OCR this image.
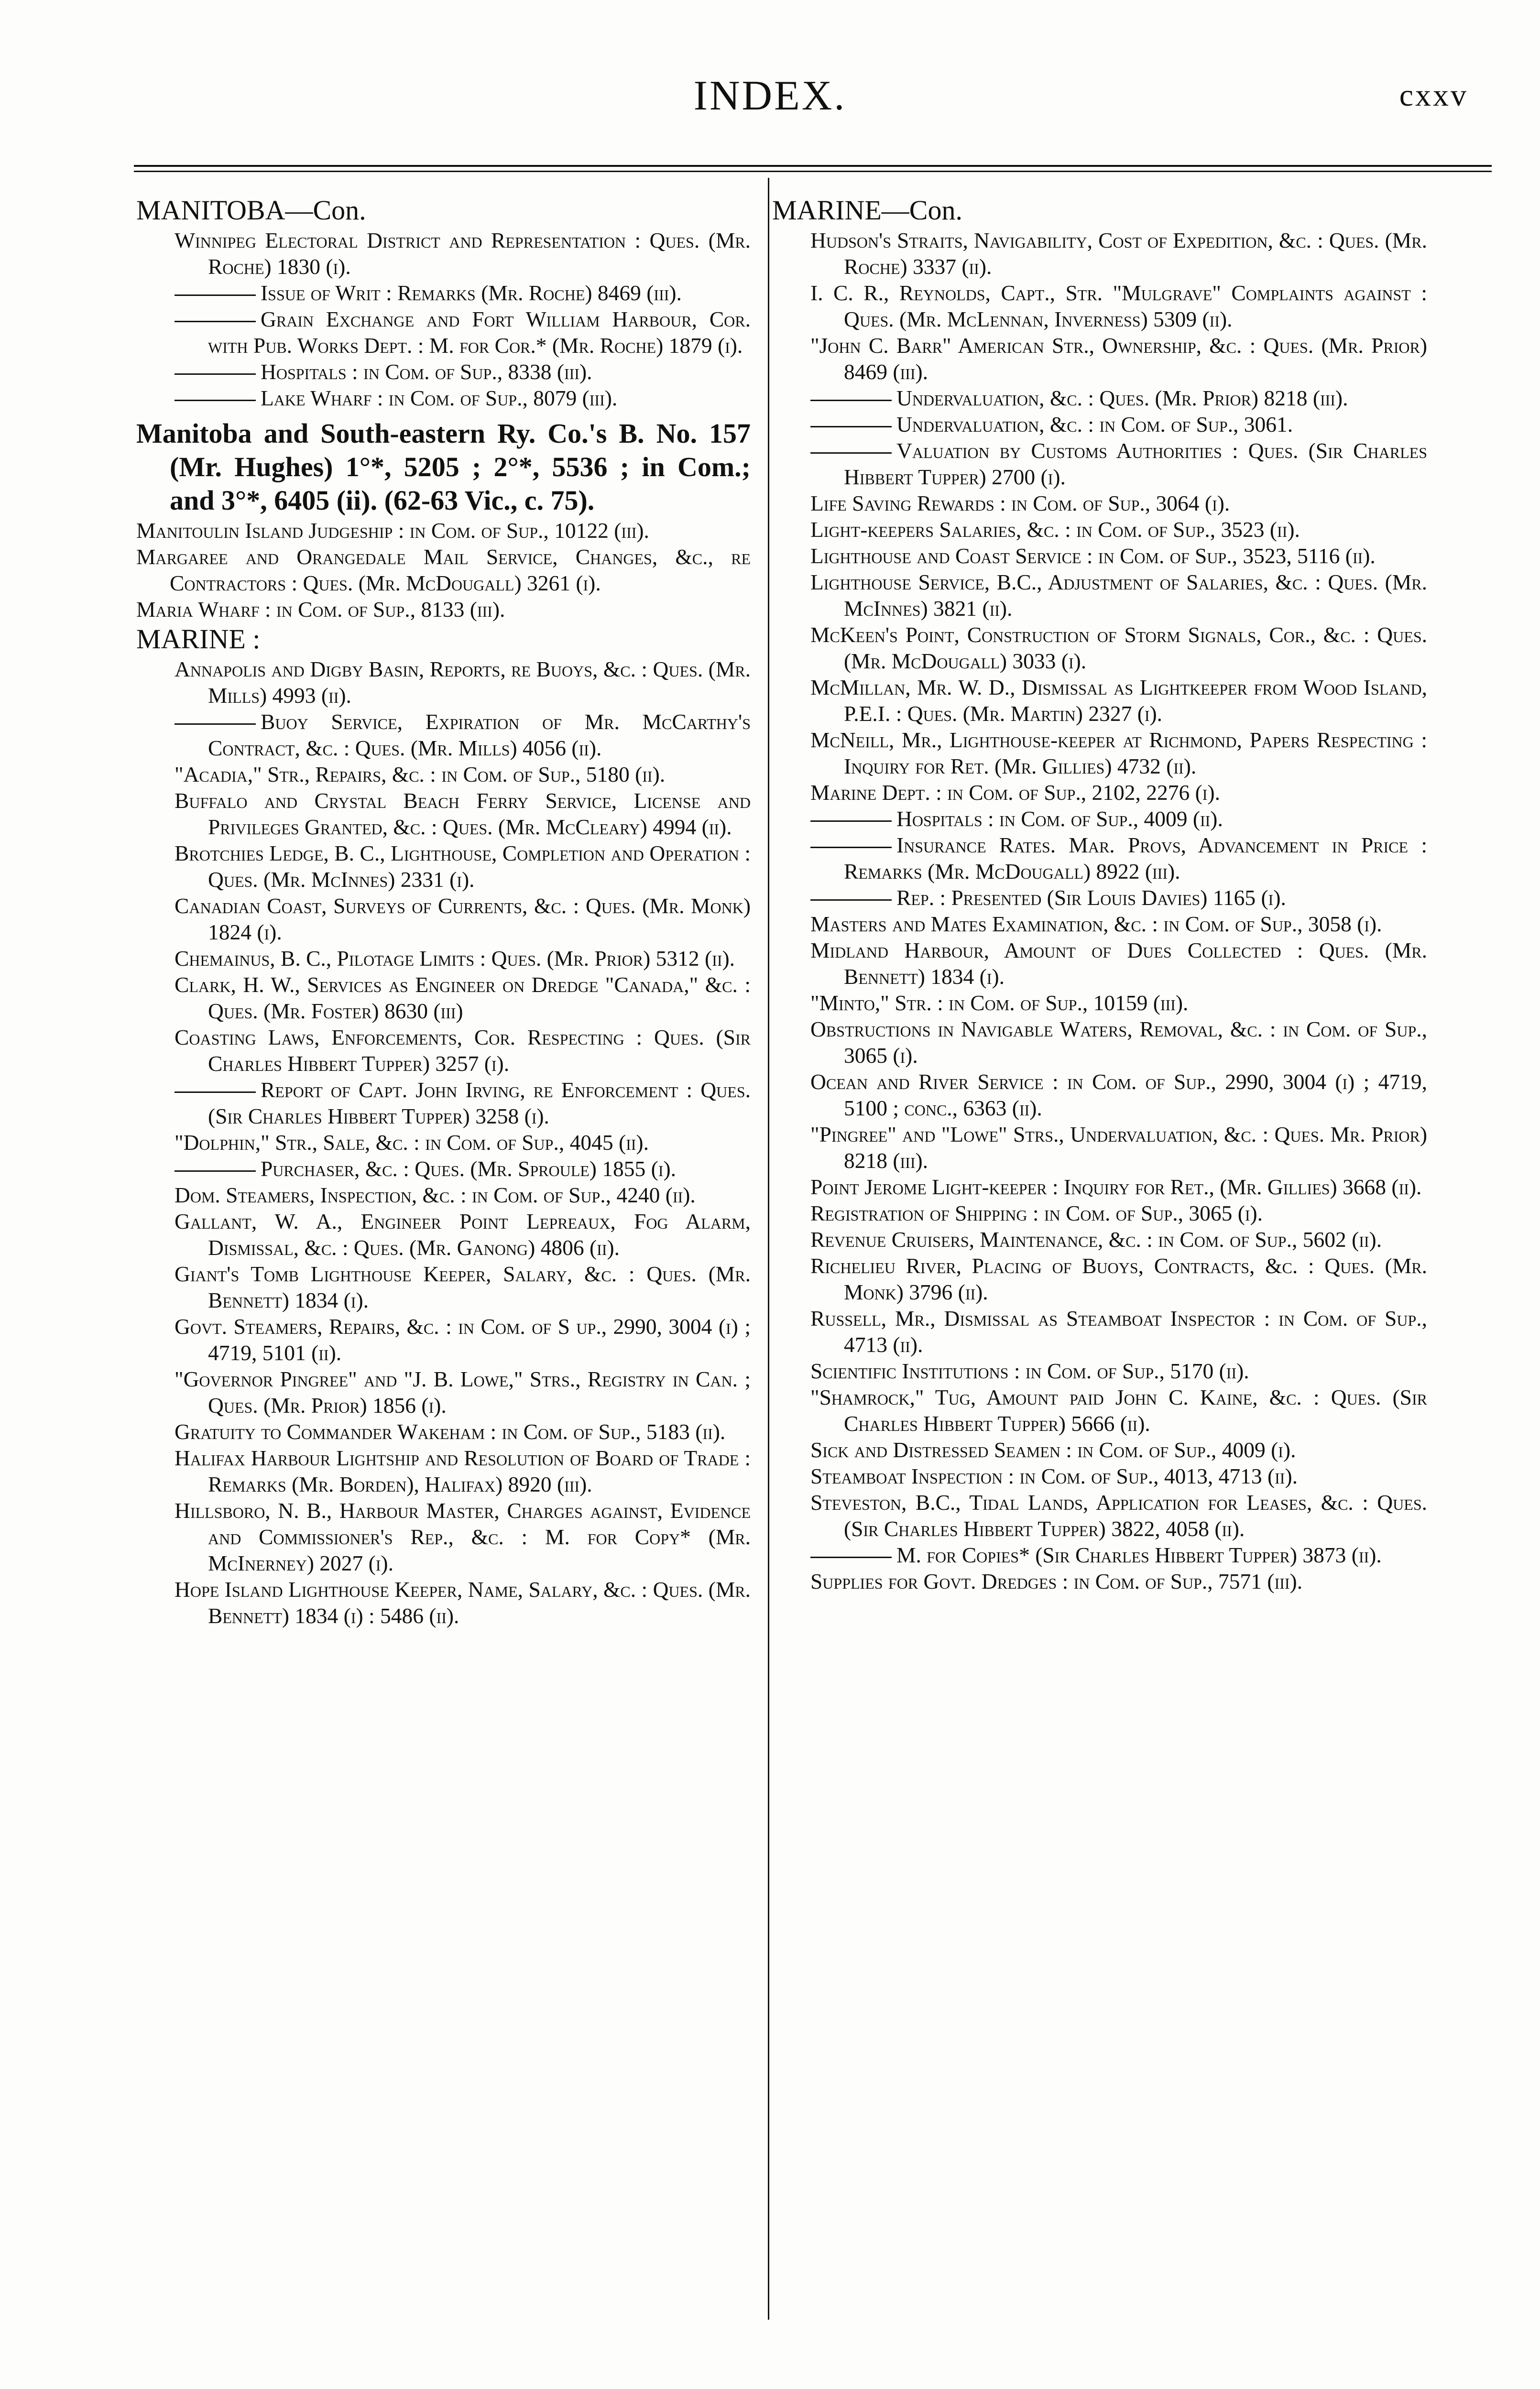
INDEX.	cxxv

MANITOBA—Con.

Winnipeg Electoral District and Representation : Ques. (Mr. Roche) 1830 (i).

Issue of Writ : Remarks (Mr. Roche) 8469 (iii).

Grain Exchange and Fort William Harbour, Cor. with Pub. Works Dept. : M. for Cor.* (Mr. Roche) 1879 (i).

Hospitals : in Com. of Sup., 8338 (iii).

Lake Wharf : in Com. of Sup., 8079 (iii).

Manitoba and South-eastern Ry. Co.'s B. No. 157 (Mr. Hughes) 1°*, 5205 ; 2°*, 5536 ; in Com.; and 3°*, 6405 (ii). (62-63 Vic., c. 75).

Manitoulin Island Judgeship : in Com. of Sup., 10122 (iii).

Margaree and Orangedale Mail Service, Changes, &c., re Contractors : Ques. (Mr. McDougall) 3261 (i).

Maria Wharf : in Com. of Sup., 8133 (iii).

MARINE :

Annapolis and Digby Basin, Reports, re Buoys, &c. : Ques. (Mr. Mills) 4993 (ii).

Buoy Service, Expiration of Mr. McCarthy's Contract, &c. : Ques. (Mr. Mills) 4056 (ii).

"Acadia," Str., Repairs, &c. : in Com. of Sup., 5180 (ii).

Buffalo and Crystal Beach Ferry Service, License and Privileges Granted, &c. : Ques. (Mr. McCleary) 4994 (ii).

Brotchies Ledge, B. C., Lighthouse, Completion and Operation : Ques. (Mr. McInnes) 2331 (i).

Canadian Coast, Surveys of Currents, &c. : Ques. (Mr. Monk) 1824 (i).

Chemainus, B. C., Pilotage Limits : Ques. (Mr. Prior) 5312 (ii).

Clark, H. W., Services as Engineer on Dredge "Canada," &c. : Ques. (Mr. Foster) 8630 (iii)

Coasting Laws, Enforcements, Cor. Respecting : Ques. (Sir Charles Hibbert Tupper) 3257 (i).

Report of Capt. John Irving, re Enforcement : Ques. (Sir Charles Hibbert Tupper) 3258 (i).

"Dolphin," Str., Sale, &c. : in Com. of Sup., 4045 (ii).

Purchaser, &c. : Ques. (Mr. Sproule) 1855 (i).

Dom. Steamers, Inspection, &c. : in Com. of Sup., 4240 (ii).

Gallant, W. A., Engineer Point Lepreaux, Fog Alarm, Dismissal, &c. : Ques. (Mr. Ganong) 4806 (ii).

Giant's Tomb Lighthouse Keeper, Salary, &c. : Ques. (Mr. Bennett) 1834 (i).

Govt. Steamers, Repairs, &c. : in Com. of S up., 2990, 3004 (i) ; 4719, 5101 (ii).

"Governor Pingree" and "J. B. Lowe," Strs., Registry in Can. ; Ques. (Mr. Prior) 1856 (i).

Gratuity to Commander Wakeham : in Com. of Sup., 5183 (ii).

Halifax Harbour Lightship and Resolution of Board of Trade : Remarks (Mr. Borden), Halifax) 8920 (iii).

Hillsboro, N. B., Harbour Master, Charges against, Evidence and Commissioner's Rep., &c. : M. for Copy* (Mr. McInerney) 2027 (i).

Hope Island Lighthouse Keeper, Name, Salary, &c. : Ques. (Mr. Bennett) 1834 (i) : 5486 (ii).

MARINE—Con.

Hudson's Straits, Navigability, Cost of Expedition, &c. : Ques. (Mr. Roche) 3337 (ii).

I. C. R., Reynolds, Capt., Str. "Mulgrave" Complaints against : Ques. (Mr. McLennan, Inverness) 5309 (ii).

"John C. Barr" American Str., Ownership, &c. : Ques. (Mr. Prior) 8469 (iii).

Undervaluation, &c. : Ques. (Mr. Prior) 8218 (iii).

Undervaluation, &c. : in Com. of Sup., 3061.

Valuation by Customs Authorities : Ques. (Sir Charles Hibbert Tupper) 2700 (i).

Life Saving Rewards : in Com. of Sup., 3064 (i).

Light-keepers Salaries, &c. : in Com. of Sup., 3523 (ii).

Lighthouse and Coast Service : in Com. of Sup., 3523, 5116 (ii).

Lighthouse Service, B.C., Adjustment of Salaries, &c. : Ques. (Mr. McInnes) 3821 (ii).

McKeen's Point, Construction of Storm Signals, Cor., &c. : Ques. (Mr. McDougall) 3033 (i).

McMillan, Mr. W. D., Dismissal as Lightkeeper from Wood Island, P.E.I. : Ques. (Mr. Martin) 2327 (i).

McNeill, Mr., Lighthouse-keeper at Richmond, Papers Respecting : Inquiry for Ret. (Mr. Gillies) 4732 (ii).

Marine Dept. : in Com. of Sup., 2102, 2276 (i).

Hospitals : in Com. of Sup., 4009 (ii).

Insurance Rates. Mar. Provs, Advancement in Price : Remarks (Mr. McDougall) 8922 (iii).

Rep. : Presented (Sir Louis Davies) 1165 (i).

Masters and Mates Examination, &c. : in Com. of Sup., 3058 (i).

Midland Harbour, Amount of Dues Collected : Ques. (Mr. Bennett) 1834 (i).

"Minto," Str. : in Com. of Sup., 10159 (iii).

Obstructions in Navigable Waters, Removal, &c. : in Com. of Sup., 3065 (i).

Ocean and River Service : in Com. of Sup., 2990, 3004 (i) ; 4719, 5100 ; conc., 6363 (ii).

"Pingree" and "Lowe" Strs., Undervaluation, &c. : Ques. Mr. Prior) 8218 (iii).

Point Jerome Light-keeper : Inquiry for Ret., (Mr. Gillies) 3668 (ii).

Registration of Shipping : in Com. of Sup., 3065 (i).

Revenue Cruisers, Maintenance, &c. : in Com. of Sup., 5602 (ii).

Richelieu River, Placing of Buoys, Contracts, &c. : Ques. (Mr. Monk) 3796 (ii).

Russell, Mr., Dismissal as Steamboat Inspector : in Com. of Sup., 4713 (ii).

Scientific Institutions : in Com. of Sup., 5170 (ii).

"Shamrock," Tug, Amount paid John C. Kaine, &c. : Ques. (Sir Charles Hibbert Tupper) 5666 (ii).

Sick and Distressed Seamen : in Com. of Sup., 4009 (i).

Steamboat Inspection : in Com. of Sup., 4013, 4713 (ii).

Steveston, B.C., Tidal Lands, Application for Leases, &c. : Ques. (Sir Charles Hibbert Tupper) 3822, 4058 (ii).

M. for Copies* (Sir Charles Hibbert Tupper) 3873 (ii).

Supplies for Govt. Dredges : in Com. of Sup., 7571 (iii).
